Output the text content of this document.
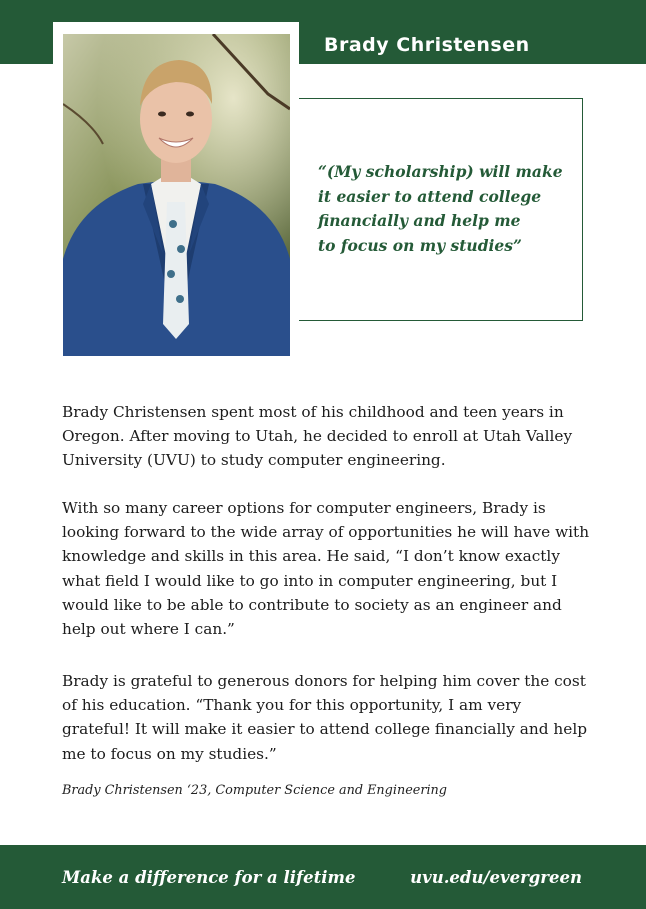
Brady Christensen
“(My scholarship) will make
it easier to attend college
financially and help me
to focus on my studies”

Brady Christensen spent most of his childhood and teen years in Oregon. After moving to Utah, he decided to enroll at Utah Valley University (UVU) to study computer engineering.

With so many career options for computer engineers, Brady is looking forward to the wide array of opportunities he will have with knowledge and skills in this area. He said, “I don’t know exactly what field I would like to go into in computer engineering, but I would like to be able to contribute to society as an engineer and help out where I can.”

Brady is grateful to generous donors for helping him cover the cost of his education. “Thank you for this opportunity, I am very grateful! It will make it easier to attend college financially and help me to focus on my studies.”

Brady Christensen ‘23, Computer Science and Engineering
Make a difference for a lifetime	uvu.edu/evergreen
